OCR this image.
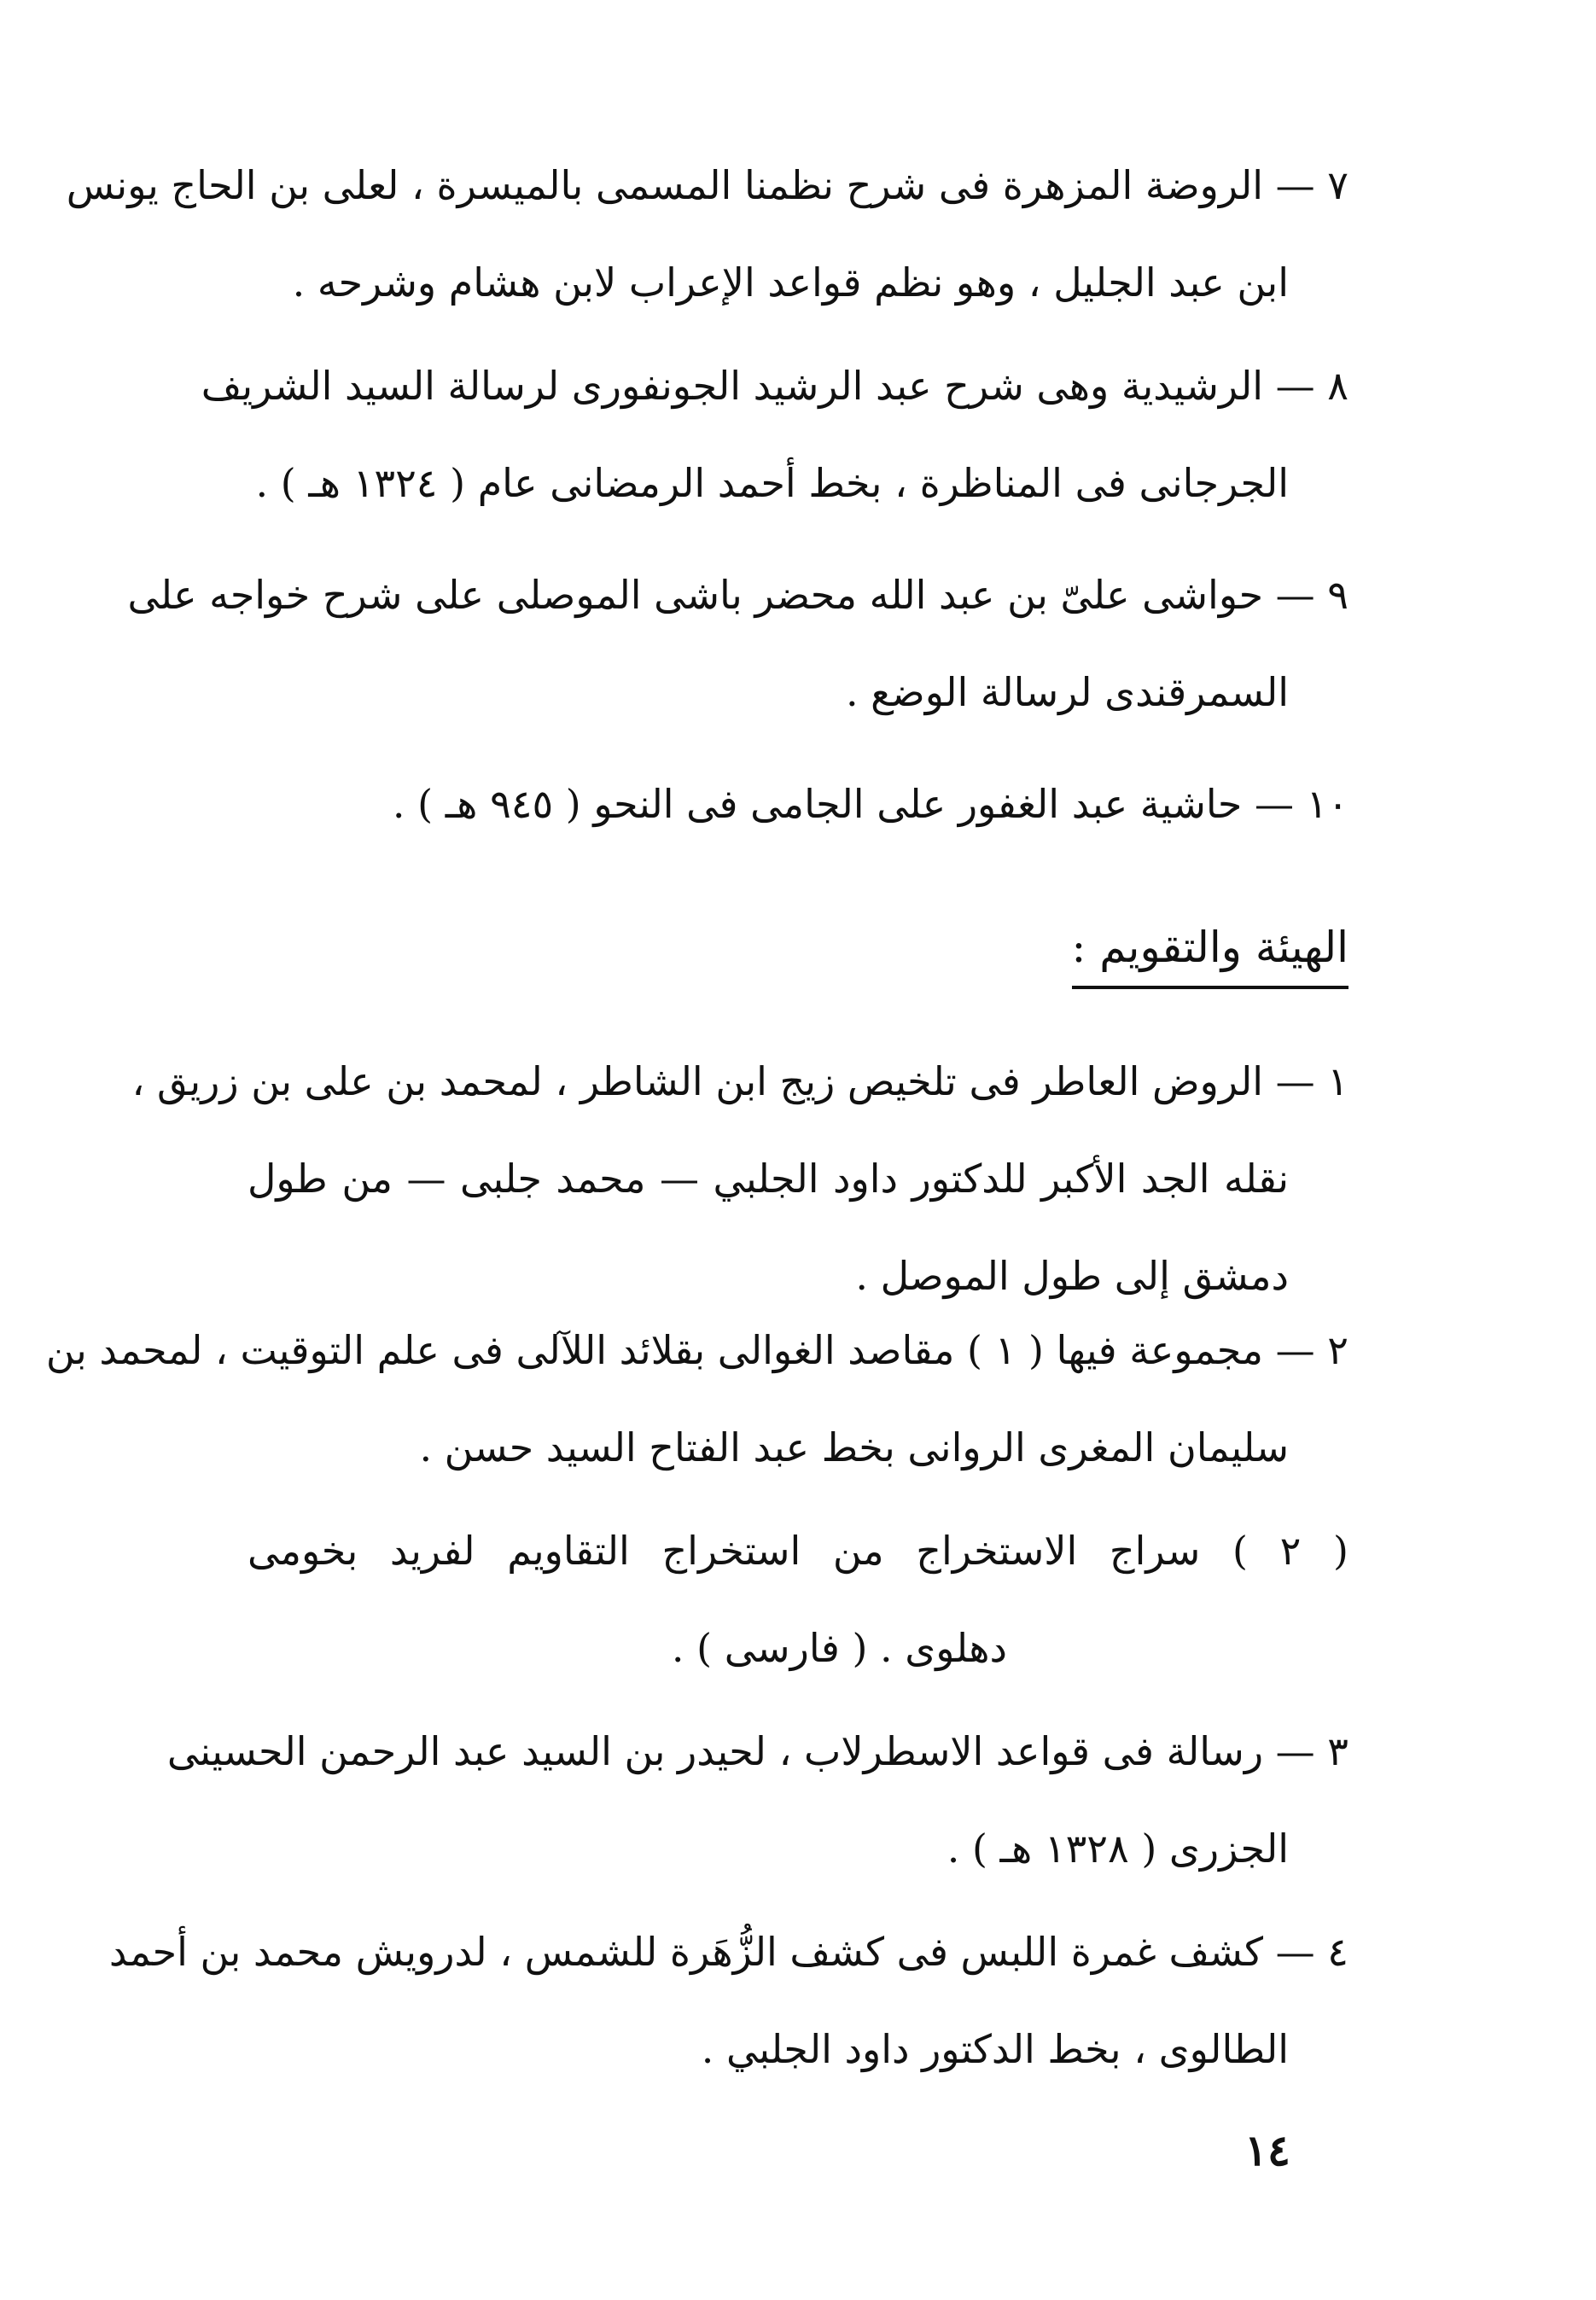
٧ — الروضة المزهرة فى شرح نظمنا المسمى بالميسرة ، لعلى بن الحاج يونس
ابن عبد الجليل ، وهو نظم قواعد الإعراب لابن هشام وشرحه .
٨ — الرشيدية وهى شرح عبد الرشيد الجونفورى لرسالة السيد الشريف
الجرجانى فى المناظرة ، بخط أحمد الرمضانى عام ( ١٣٢٤ هـ ) .
٩ — حواشى علىّ بن عبد الله محضر باشى الموصلى على شرح خواجه على
السمرقندى لرسالة الوضع .
١٠ — حاشية عبد الغفور على الجامى فى النحو ( ٩٤٥ هـ ) .
الهيئة والتقويم :
١ — الروض العاطر فى تلخيص زيج ابن الشاطر ، لمحمد بن على بن زريق ،
نقله الجد الأكبر للدكتور داود الجلبي — محمد جلبى — من طول
دمشق إلى طول الموصل .
٢ — مجموعة فيها ( ١ ) مقاصد الغوالى بقلائد اللآلى فى علم التوقيت ، لمحمد بن
سليمان المغرى الروانى بخط عبد الفتاح السيد حسن .
( ٢ ) سراج الاستخراج من استخراج التقاويم لفريد بخومى
دهلوى . ( فارسى ) .
٣ — رسالة فى قواعد الاسطرلاب ، لحيدر بن السيد عبد الرحمن الحسينى
الجزرى ( ١٣٢٨ هـ ) .
٤ — كشف غمرة اللبس فى كشف الزُّهَرة للشمس ، لدرويش محمد بن أحمد
الطالوى ، بخط الدكتور داود الجلبي .
١٤
